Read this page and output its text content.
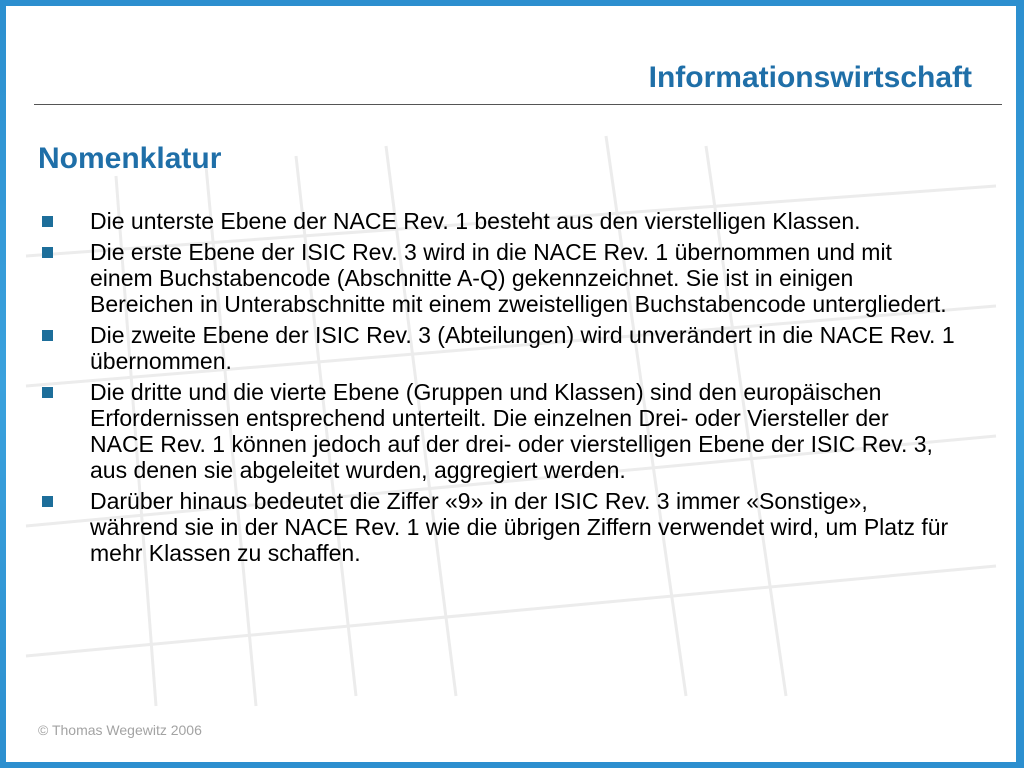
Informationswirtschaft
Nomenklatur
Die unterste Ebene der NACE Rev. 1 besteht aus den vierstelligen Klassen.
Die erste Ebene der ISIC Rev. 3 wird in die NACE Rev. 1 übernommen und mit einem Buchstabencode (Abschnitte A-Q) gekennzeichnet. Sie ist in einigen Bereichen in Unterabschnitte mit einem zweistelligen Buchstabencode untergliedert.
Die zweite Ebene der ISIC Rev. 3 (Abteilungen) wird unverändert in die NACE Rev. 1 übernommen.
Die dritte und die vierte Ebene (Gruppen und Klassen) sind den europäischen Erfordernissen entsprechend unterteilt. Die einzelnen Drei- oder Viersteller der NACE Rev. 1 können jedoch auf der drei- oder vierstelligen Ebene der ISIC Rev. 3, aus denen sie abgeleitet wurden, aggregiert werden.
Darüber hinaus bedeutet die Ziffer «9» in der ISIC Rev. 3 immer «Sonstige», während sie in der NACE Rev. 1 wie die übrigen Ziffern verwendet wird, um Platz für mehr Klassen zu schaffen.
© Thomas Wegewitz 2006
